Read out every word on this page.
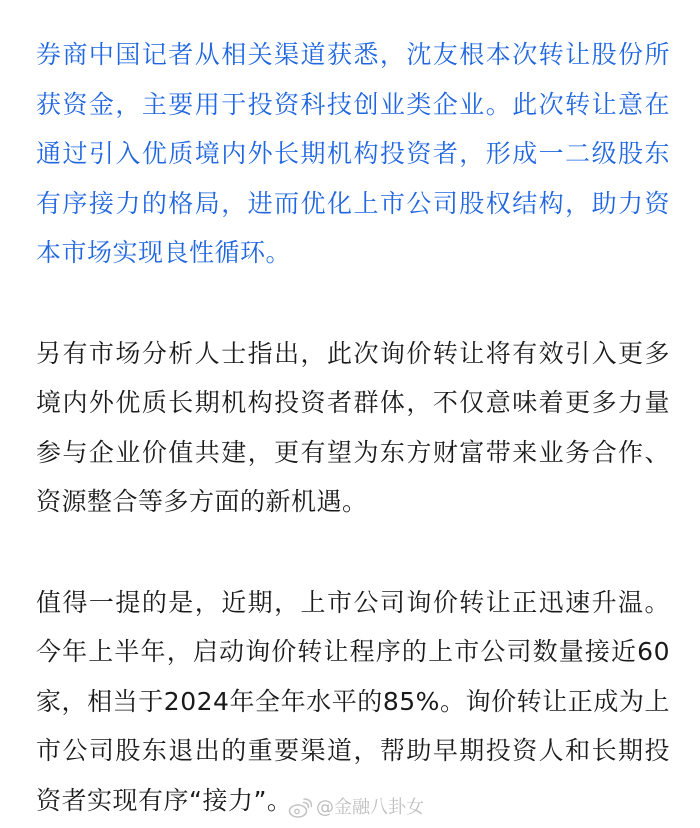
券商中国记者从相关渠道获悉，沈友根本次转让股份所获资金，主要用于投资科技创业类企业。此次转让意在通过引入优质境内外长期机构投资者，形成一二级股东有序接力的格局，进而优化上市公司股权结构，助力资本市场实现良性循环。

另有市场分析人士指出，此次询价转让将有效引入更多境内外优质长期机构投资者群体，不仅意味着更多力量参与企业价值共建，更有望为东方财富带来业务合作、资源整合等多方面的新机遇。

值得一提的是，近期，上市公司询价转让正迅速升温。今年上半年，启动询价转让程序的上市公司数量接近60家，相当于2024年全年水平的85%。询价转让正成为上市公司股东退出的重要渠道，帮助早期投资人和长期投资者实现有序“接力”。	@金融八卦女
